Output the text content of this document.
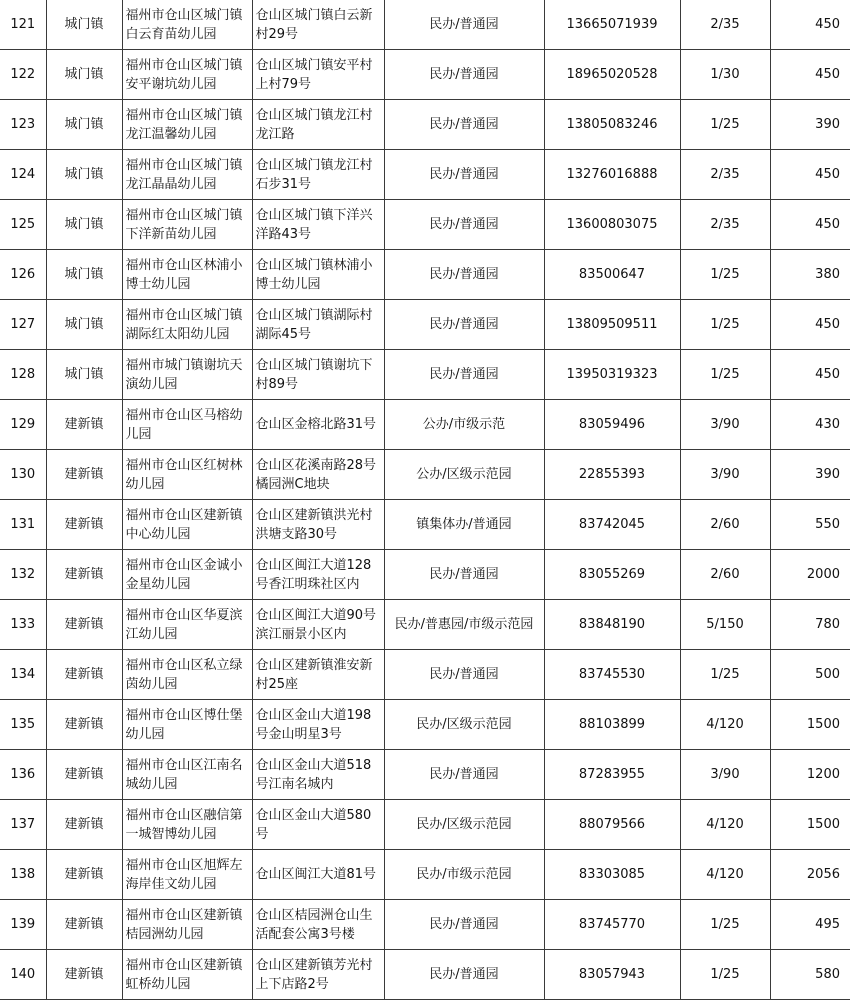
121	城门镇	福州市仓山区城门镇白云育苗幼儿园	仓山区城门镇白云新村29号	民办/普通园	13665071939	2/35	450
122	城门镇	福州市仓山区城门镇安平谢坑幼儿园	仓山区城门镇安平村上村79号	民办/普通园	18965020528	1/30	450
123	城门镇	福州市仓山区城门镇龙江温馨幼儿园	仓山区城门镇龙江村龙江路	民办/普通园	13805083246	1/25	390
124	城门镇	福州市仓山区城门镇龙江晶晶幼儿园	仓山区城门镇龙江村石步31号	民办/普通园	13276016888	2/35	450
125	城门镇	福州市仓山区城门镇下洋新苗幼儿园	仓山区城门镇下洋兴洋路43号	民办/普通园	13600803075	2/35	450
126	城门镇	福州市仓山区林浦小博士幼儿园	仓山区城门镇林浦小博士幼儿园	民办/普通园	83500647	1/25	380
127	城门镇	福州市仓山区城门镇湖际红太阳幼儿园	仓山区城门镇湖际村湖际45号	民办/普通园	13809509511	1/25	450
128	城门镇	福州市城门镇谢坑天演幼儿园	仓山区城门镇谢坑下村89号	民办/普通园	13950319323	1/25	450
129	建新镇	福州市仓山区马榕幼儿园	仓山区金榕北路31号	公办/市级示范	83059496	3/90	430
130	建新镇	福州市仓山区红树林幼儿园	仓山区花溪南路28号橘园洲C地块	公办/区级示范园	22855393	3/90	390
131	建新镇	福州市仓山区建新镇中心幼儿园	仓山区建新镇洪光村洪塘支路30号	镇集体办/普通园	83742045	2/60	550
132	建新镇	福州市仓山区金诚小金星幼儿园	仓山区闽江大道128号香江明珠社区内	民办/普通园	83055269	2/60	2000
133	建新镇	福州市仓山区华夏滨江幼儿园	仓山区闽江大道90号滨江丽景小区内	民办/普惠园/市级示范园	83848190	5/150	780
134	建新镇	福州市仓山区私立绿茵幼儿园	仓山区建新镇淮安新村25座	民办/普通园	83745530	1/25	500
135	建新镇	福州市仓山区博仕堡幼儿园	仓山区金山大道198号金山明星3号	民办/区级示范园	88103899	4/120	1500
136	建新镇	福州市仓山区江南名城幼儿园	仓山区金山大道518号江南名城内	民办/普通园	87283955	3/90	1200
137	建新镇	福州市仓山区融信第一城智博幼儿园	仓山区金山大道580号	民办/区级示范园	88079566	4/120	1500
138	建新镇	福州市仓山区旭辉左海岸佳文幼儿园	仓山区闽江大道81号	民办/市级示范园	83303085	4/120	2056
139	建新镇	福州市仓山区建新镇桔园洲幼儿园	仓山区桔园洲仓山生活配套公寓3号楼	民办/普通园	83745770	1/25	495
140	建新镇	福州市仓山区建新镇虹桥幼儿园	仓山区建新镇芳光村上下店路2号	民办/普通园	83057943	1/25	580
